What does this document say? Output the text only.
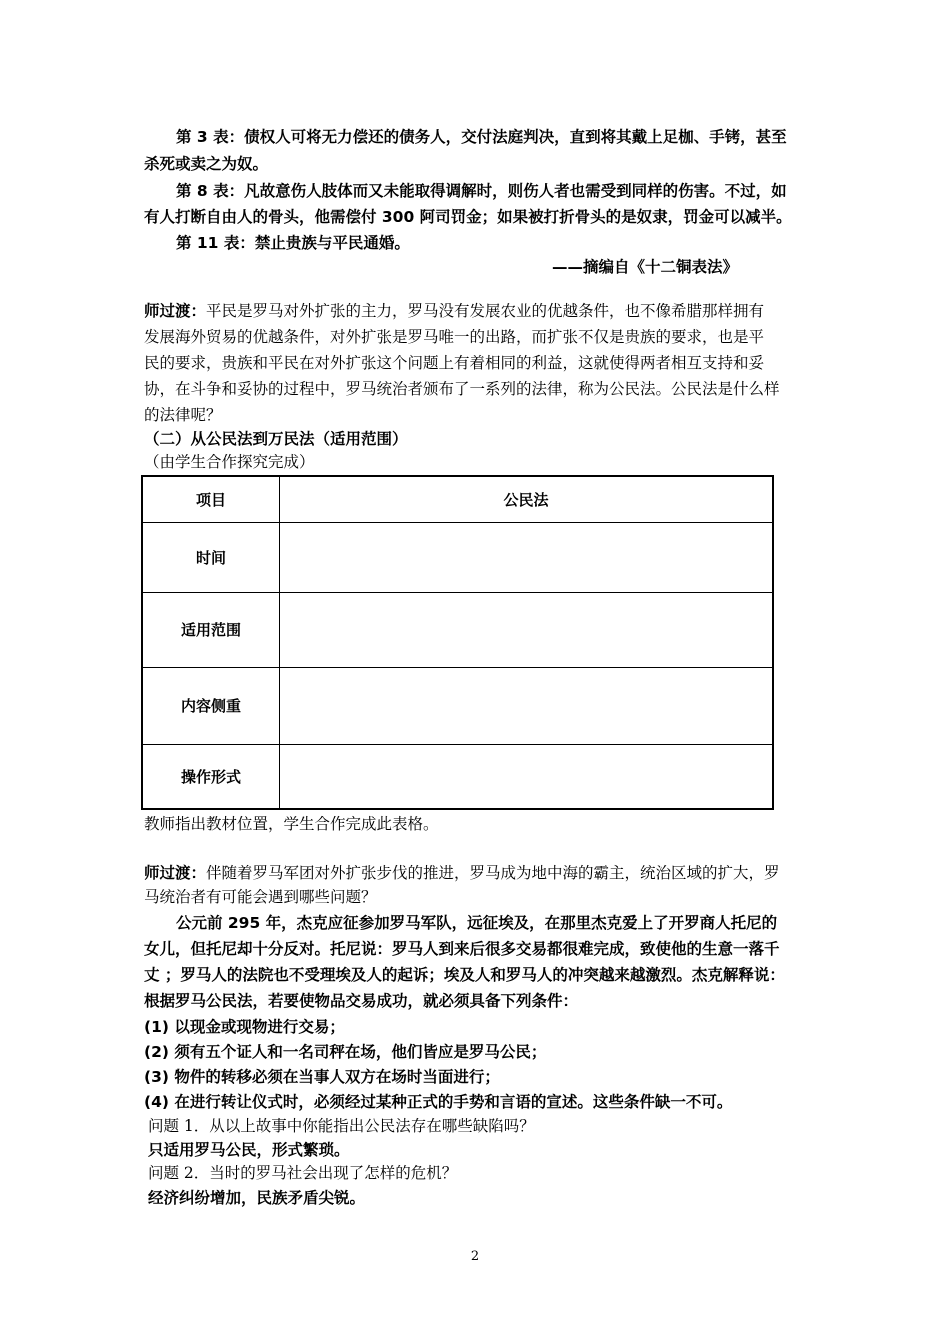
第 3 表：债权人可将无力偿还的债务人，交付法庭判决，直到将其戴上足枷、手铐，甚至
杀死或卖之为奴。
第 8 表：凡故意伤人肢体而又未能取得调解时，则伤人者也需受到同样的伤害。不过，如
有人打断自由人的骨头，他需偿付 300 阿司罚金；如果被打折骨头的是奴隶，罚金可以减半。
第 11 表：禁止贵族与平民通婚。
——摘编自《十二铜表法》
师过渡：平民是罗马对外扩张的主力，罗马没有发展农业的优越条件，也不像希腊那样拥有
发展海外贸易的优越条件，对外扩张是罗马唯一的出路，而扩张不仅是贵族的要求，也是平
民的要求，贵族和平民在对外扩张这个问题上有着相同的利益，这就使得两者相互支持和妥
协，在斗争和妥协的过程中，罗马统治者颁布了一系列的法律，称为公民法。公民法是什么样
的法律呢？
（二）从公民法到万民法（适用范围）
（由学生合作探究完成）
项目	公民法
时间	
适用范围	
内容侧重	
操作形式	
教师指出教材位置，学生合作完成此表格。
师过渡：伴随着罗马军团对外扩张步伐的推进，罗马成为地中海的霸主，统治区域的扩大，罗
马统治者有可能会遇到哪些问题？
公元前 295 年，杰克应征参加罗马军队，远征埃及，在那里杰克爱上了开罗商人托尼的
女儿，但托尼却十分反对。托尼说：罗马人到来后很多交易都很难完成，致使他的生意一落千
丈 ；罗马人的法院也不受理埃及人的起诉；埃及人和罗马人的冲突越来越激烈。杰克解释说：
根据罗马公民法，若要使物品交易成功，就必须具备下列条件：
(1) 以现金或现物进行交易；
(2) 须有五个证人和一名司秤在场，他们皆应是罗马公民；
(3) 物件的转移必须在当事人双方在场时当面进行；
(4) 在进行转让仪式时，必须经过某种正式的手势和言语的宣述。这些条件缺一不可。
问题 1．从以上故事中你能指出公民法存在哪些缺陷吗？
只适用罗马公民，形式繁琐。
问题 2．当时的罗马社会出现了怎样的危机？
经济纠纷增加，民族矛盾尖锐。
2
